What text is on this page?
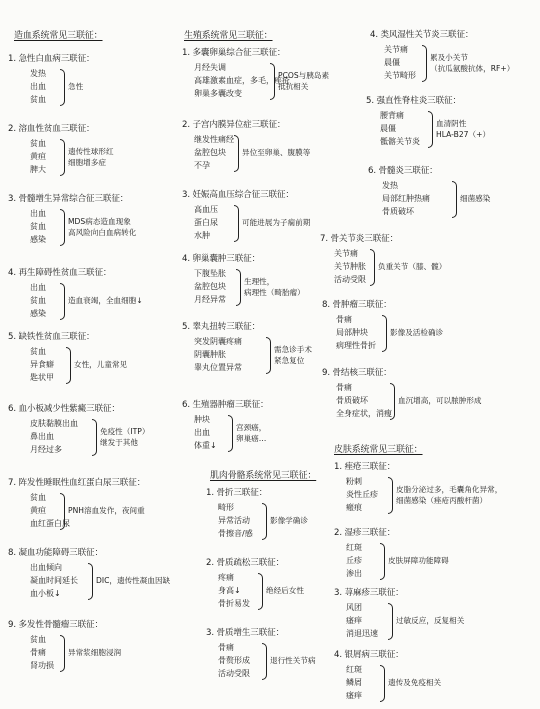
造血系统常见三联征：
1. 急性白血病三联征：
发热
出血
贫血
急性
2. 溶血性贫血三联征：
贫血
黄疸
脾大
遗传性球形红
细胞增多症
3. 骨髓增生异常综合征三联征：
出血
贫血
感染
MDS病态造血现象
高风险向白血病转化
4. 再生障碍性贫血三联征：
出血
贫血
感染
造血衰竭，全血细胞↓
5. 缺铁性贫血三联征：
贫血
异食癖
匙状甲
女性，儿童常见
6. 血小板减少性紫癜三联征：
皮肤黏膜出血
鼻出血
月经过多
免疫性（ITP）
继发于其他
7. 阵发性睡眠性血红蛋白尿三联征：
贫血
黄疸
血红蛋白尿
PNH溶血发作，夜间重
8. 凝血功能障碍三联征：
出血倾向
凝血时间延长
血小板↓
DIC，遗传性凝血因缺
9. 多发性骨髓瘤三联征：
贫血
骨痛
肾功损
异常浆细胞浸润
生殖系统常见三联征：
1. 多囊卵巢综合征三联征：
月经失调
高雄激素血症，多毛，痤疮
卵巢多囊改变
PCOS与胰岛素
抵抗相关
2. 子宫内膜异位症三联征：
继发性痛经
盆腔包块
不孕
异位至卵巢、腹膜等
3. 妊娠高血压综合征三联征：
高血压
蛋白尿
水肿
可能进展为子痫前期
4. 卵巢囊肿三联征：
下腹坠胀
盆腔包块
月经异常
生理性，
病理性（畸胎瘤）
5. 睾丸扭转三联征：
突发阴囊疼痛
阴囊肿胀
睾丸位置异常
需急诊手术
紧急复位
6. 生殖器肿瘤三联征：
肿块
出血
体重↓
宫颈癌，
卵巢癌…
肌肉骨骼系统常见三联征：
1. 骨折三联征：
畸形
异常活动
骨擦音/感
影像学确诊
2. 骨质疏松三联征：
疼痛
身高↓
骨折易发
绝经后女性
3. 骨质增生三联征：
骨痛
骨赘形成
活动受限
退行性关节病
4. 类风湿性关节炎三联征：
关节痛
晨僵
关节畸形
累及小关节
（抗瓜氨酸抗体，RF+）
5. 强直性脊柱炎三联征：
腰背痛
晨僵
骶髂关节炎
血清阴性
HLA-B27（+）
6. 骨髓炎三联征：
发热
局部红肿热痛
骨质破坏
细菌感染
7. 骨关节炎三联征：
关节痛
关节肿胀
活动受限
负重关节（膝、髋）
8. 骨肿瘤三联征：
骨痛
局部肿块
病理性骨折
影像及活检确诊
9. 骨结核三联征：
骨痛
骨质破坏
全身症状，消瘦
血沉增高，可以脓肿形成
皮肤系统常见三联征：
1. 痤疮三联征：
粉刺
炎性丘疹
瘢痕
皮脂分泌过多，毛囊角化异常，
细菌感染（痤疮丙酸杆菌）
2. 湿疹三联征：
红斑
丘疹
渗出
皮肤屏障功能障碍
3. 荨麻疹三联征：
风团
瘙痒
消退迅速
过敏反应，反复相关
4. 银屑病三联征：
红斑
鳞屑
瘙痒
遗传及免疫相关
